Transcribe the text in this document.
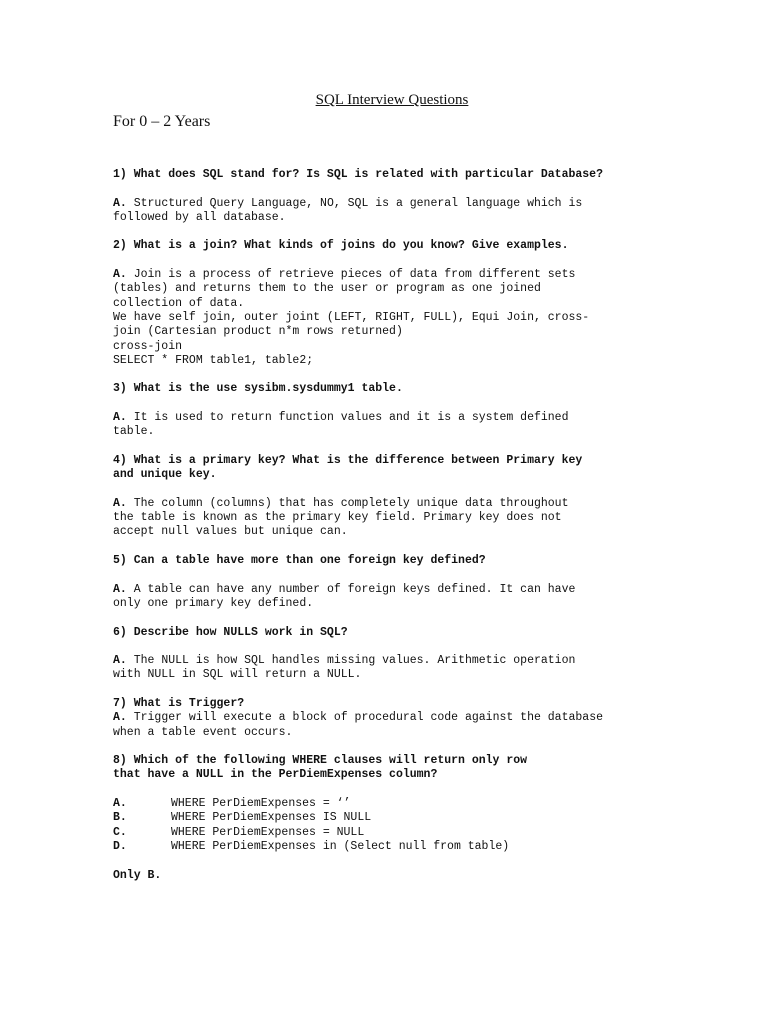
SQL Interview Questions
For 0 – 2 Years
1) What does SQL stand for? Is SQL is related with particular Database?
A. Structured Query Language, NO, SQL is a general language which is
followed by all database.
2) What is a join? What kinds of joins do you know? Give examples.
A. Join is a process of retrieve pieces of data from different sets
(tables) and returns them to the user or program as one joined
collection of data.
We have self join, outer joint (LEFT, RIGHT, FULL), Equi Join, cross-
join (Cartesian product n*m rows returned)
cross-join
SELECT * FROM table1, table2;
3) What is the use sysibm.sysdummy1 table.
A. It is used to return function values and it is a system defined
table.
4) What is a primary key? What is the difference between Primary key
and unique key.
A. The column (columns) that has completely unique data throughout
the table is known as the primary key field. Primary key does not
accept null values but unique can.
5) Can a table have more than one foreign key defined?
A. A table can have any number of foreign keys defined. It can have
only one primary key defined.
6) Describe how NULLS work in SQL?
A. The NULL is how SQL handles missing values. Arithmetic operation
with NULL in SQL will return a NULL.
7) What is Trigger?
A. Trigger will execute a block of procedural code against the database
when a table event occurs.
8) Which of the following WHERE clauses will return only row
that have a NULL in the PerDiemExpenses column?
A.	WHERE PerDiemExpenses = ‘’
B.	WHERE PerDiemExpenses IS NULL
C.	WHERE PerDiemExpenses = NULL
D.	WHERE PerDiemExpenses in (Select null from table)
Only B.
